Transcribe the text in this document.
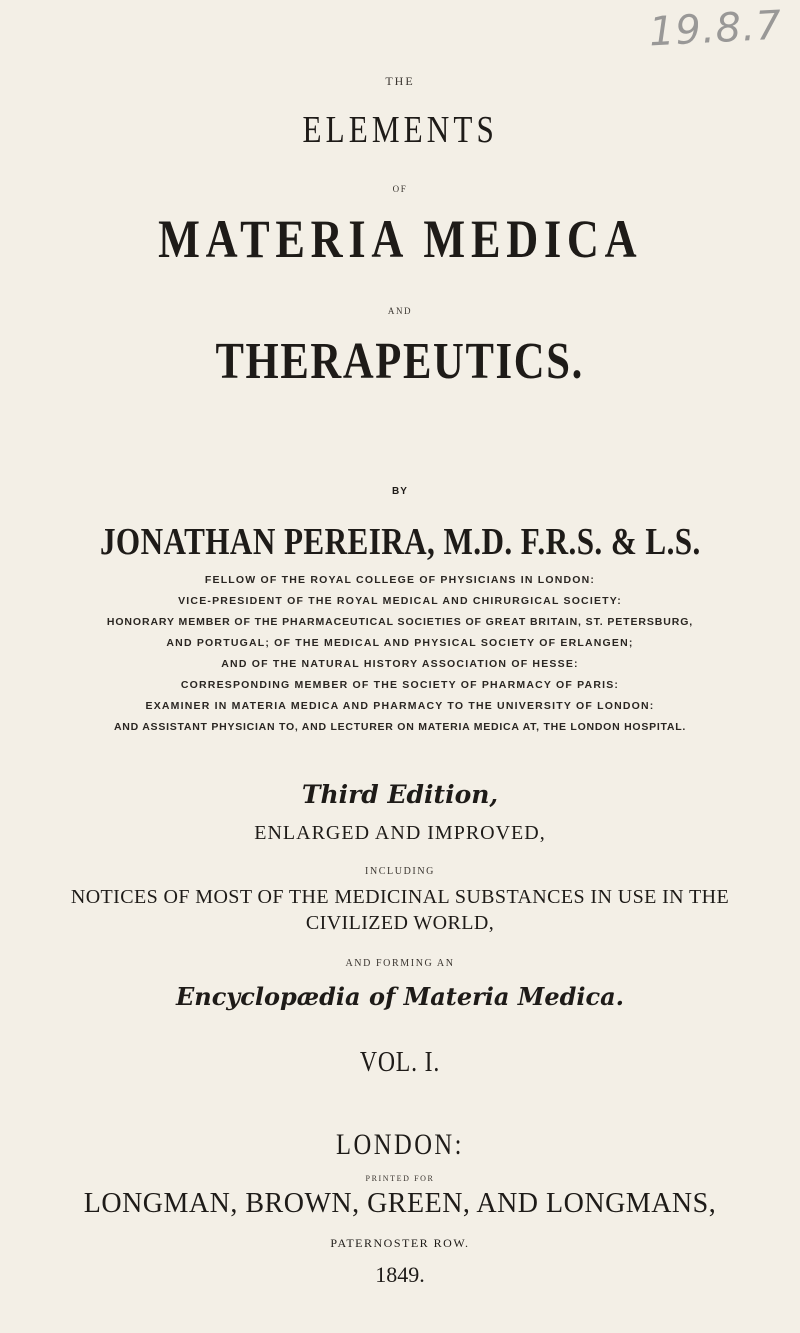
19.8.7
THE
ELEMENTS
OF
MATERIA MEDICA
AND
THERAPEUTICS.
BY
JONATHAN PEREIRA, M.D. F.R.S. & L.S.
FELLOW OF THE ROYAL COLLEGE OF PHYSICIANS IN LONDON:
VICE-PRESIDENT OF THE ROYAL MEDICAL AND CHIRURGICAL SOCIETY:
HONORARY MEMBER OF THE PHARMACEUTICAL SOCIETIES OF GREAT BRITAIN, ST. PETERSBURG,
AND PORTUGAL; OF THE MEDICAL AND PHYSICAL SOCIETY OF ERLANGEN;
AND OF THE NATURAL HISTORY ASSOCIATION OF HESSE:
CORRESPONDING MEMBER OF THE SOCIETY OF PHARMACY OF PARIS:
EXAMINER IN MATERIA MEDICA AND PHARMACY TO THE UNIVERSITY OF LONDON:
AND ASSISTANT PHYSICIAN TO, AND LECTURER ON MATERIA MEDICA AT, THE LONDON HOSPITAL.
Third Edition,
ENLARGED AND IMPROVED,
INCLUDING
NOTICES OF MOST OF THE MEDICINAL SUBSTANCES IN USE IN THE
CIVILIZED WORLD,
AND FORMING AN
Encyclopædia of Materia Medica.
VOL. I.
LONDON:
PRINTED FOR
LONGMAN, BROWN, GREEN, AND LONGMANS,
PATERNOSTER ROW.
1849.
